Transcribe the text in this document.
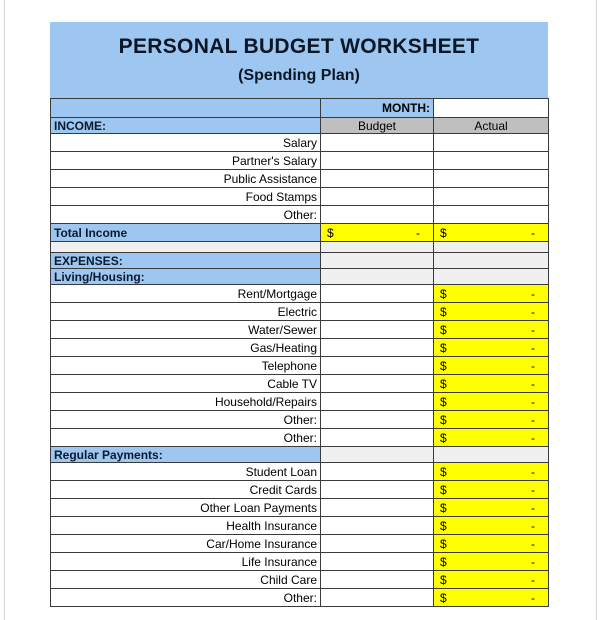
PERSONAL BUDGET WORKSHEET
(Spending Plan)
	MONTH:	
INCOME:	Budget	Actual
Salary		
Partner's Salary		
Public Assistance		
Food Stamps		
Other:		
Total Income	$ -	$ -

EXPENSES:		
Living/Housing:		
Rent/Mortgage		$ -

Electric		$ -

Water/Sewer		$ -

Gas/Heating		$ -

Telephone		$ -

Cable TV		$ -

Household/Repairs		$ -

Other:		$ -

Other:		$ -

Regular Payments:		
Student Loan		$ -

Credit Cards		$ -

Other Loan Payments		$ -

Health Insurance		$ -

Car/Home Insurance		$ -

Life Insurance		$ -

Child Care		$ -

Other:		$ -
